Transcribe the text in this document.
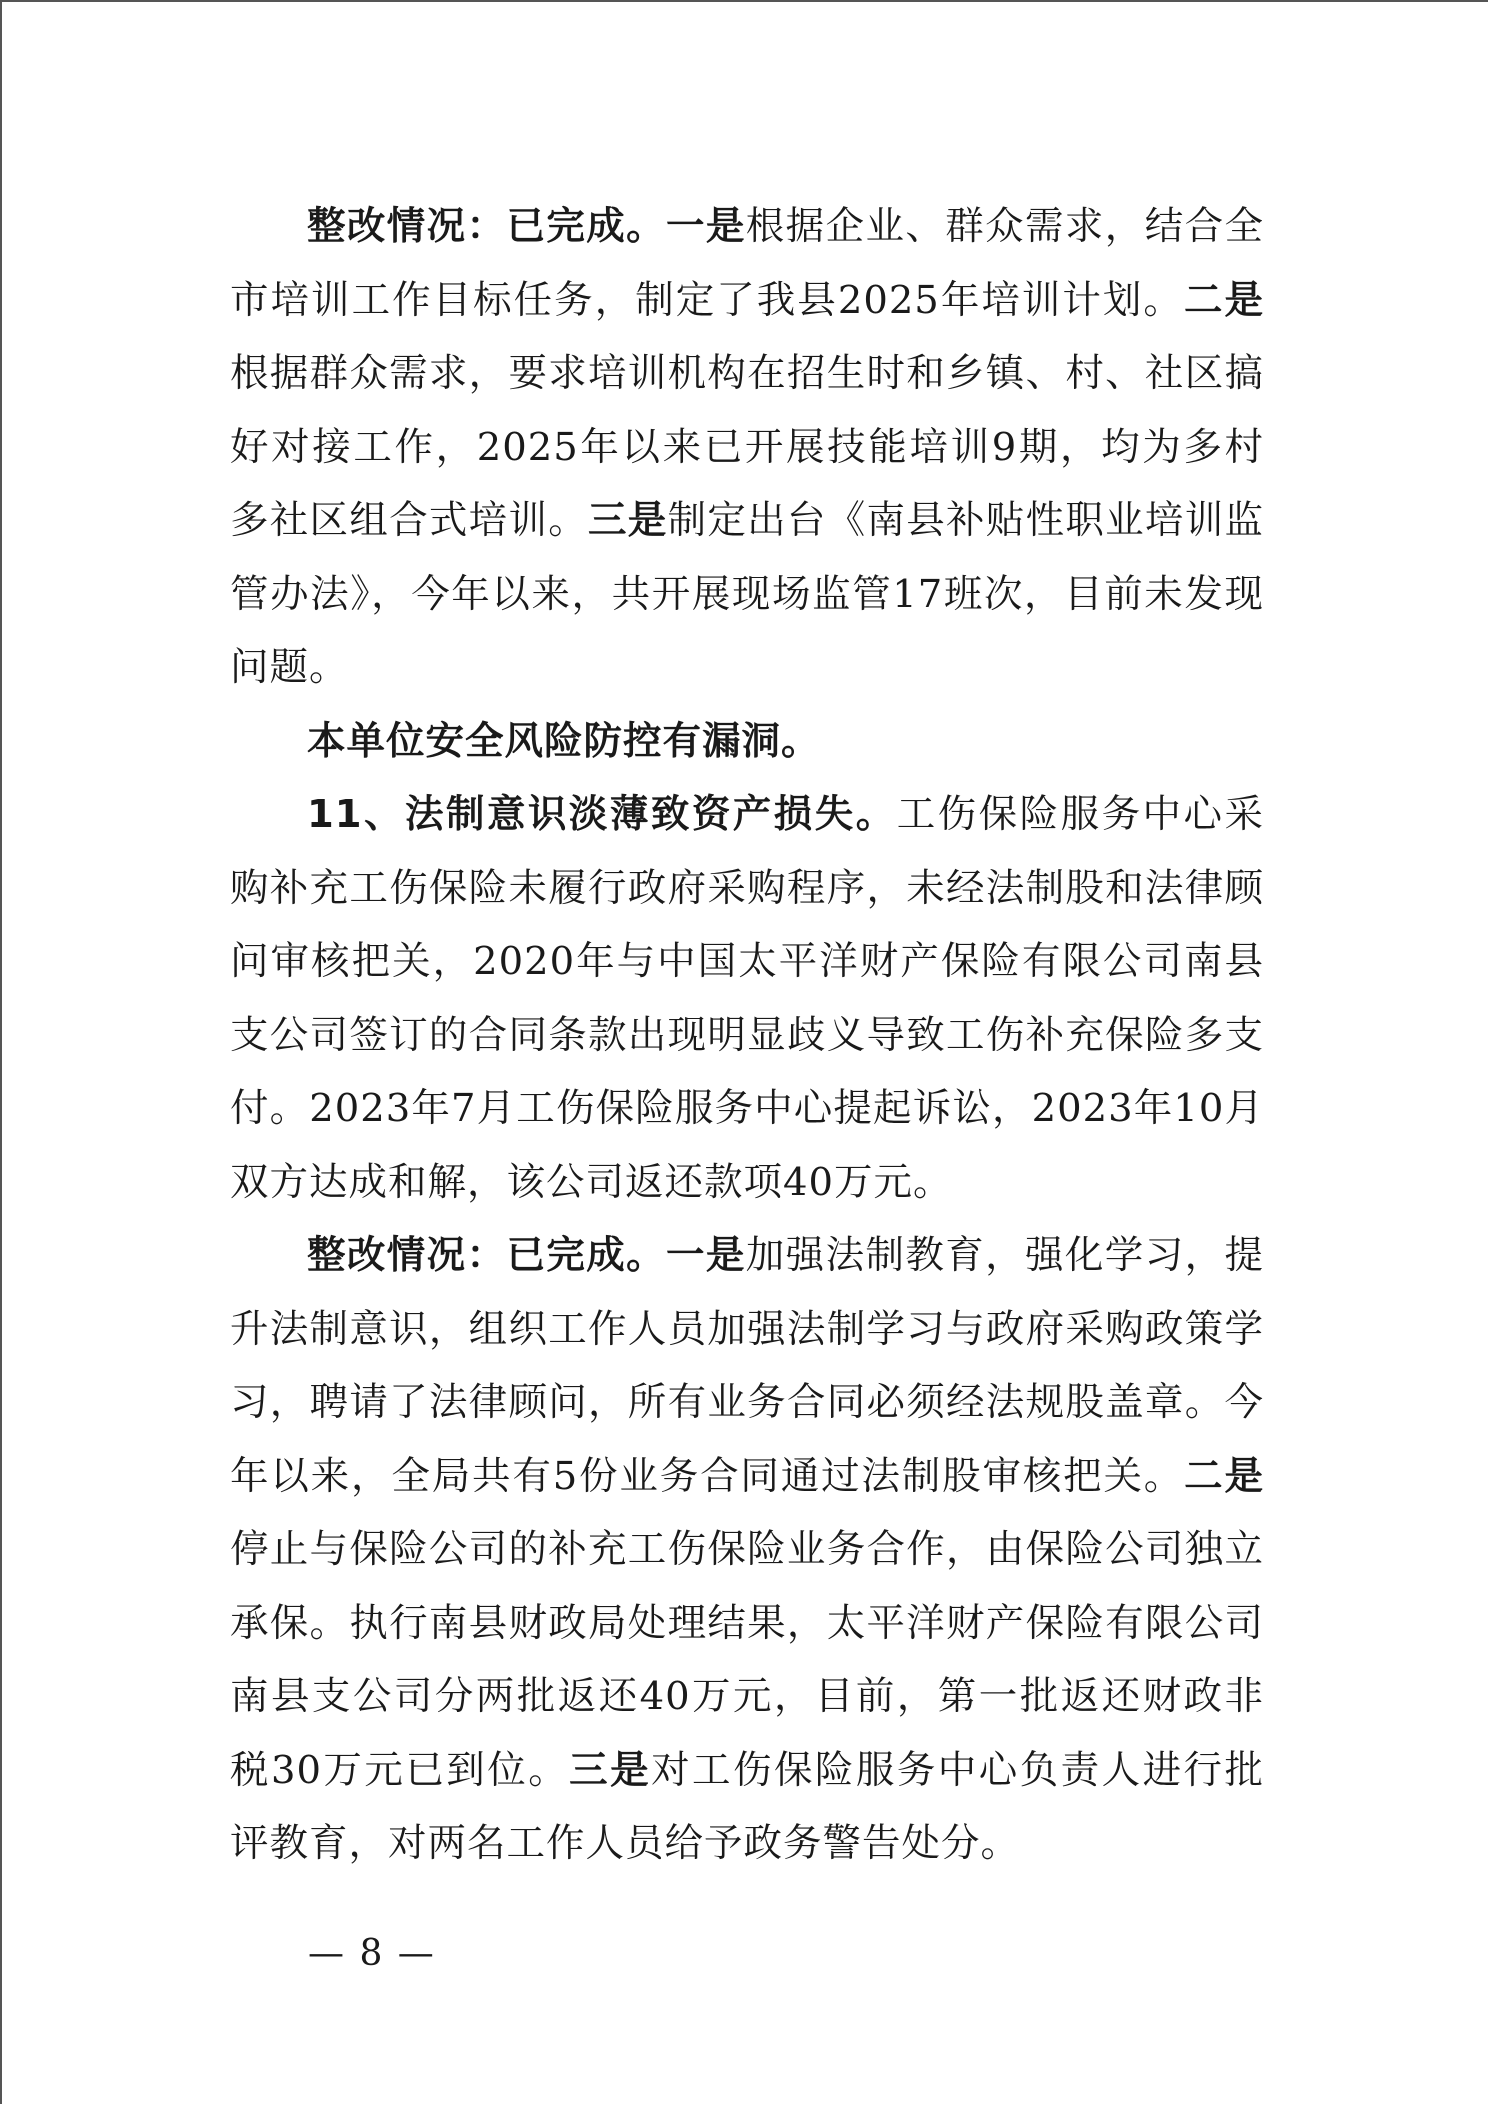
整改情况：已完成。一是根据企业、群众需求，结合全市培训工作目标任务，制定了我县2025年培训计划。二是根据群众需求，要求培训机构在招生时和乡镇、村、社区搞好对接工作，2025年以来已开展技能培训9期，均为多村多社区组合式培训。三是制定出台《南县补贴性职业培训监管办法》，今年以来，共开展现场监管17班次，目前未发现问题。

本单位安全风险防控有漏洞。

11、法制意识淡薄致资产损失。工伤保险服务中心采购补充工伤保险未履行政府采购程序，未经法制股和法律顾问审核把关，2020年与中国太平洋财产保险有限公司南县支公司签订的合同条款出现明显歧义导致工伤补充保险多支付。2023年7月工伤保险服务中心提起诉讼，2023年10月双方达成和解，该公司返还款项40万元。

整改情况：已完成。一是加强法制教育，强化学习，提升法制意识，组织工作人员加强法制学习与政府采购政策学习，聘请了法律顾问，所有业务合同必须经法规股盖章。今年以来，全局共有5份业务合同通过法制股审核把关。二是停止与保险公司的补充工伤保险业务合作，由保险公司独立承保。执行南县财政局处理结果，太平洋财产保险有限公司南县支公司分两批返还40万元，目前，第一批返还财政非税30万元已到位。三是对工伤保险服务中心负责人进行批评教育，对两名工作人员给予政务警告处分。

— 8 —
